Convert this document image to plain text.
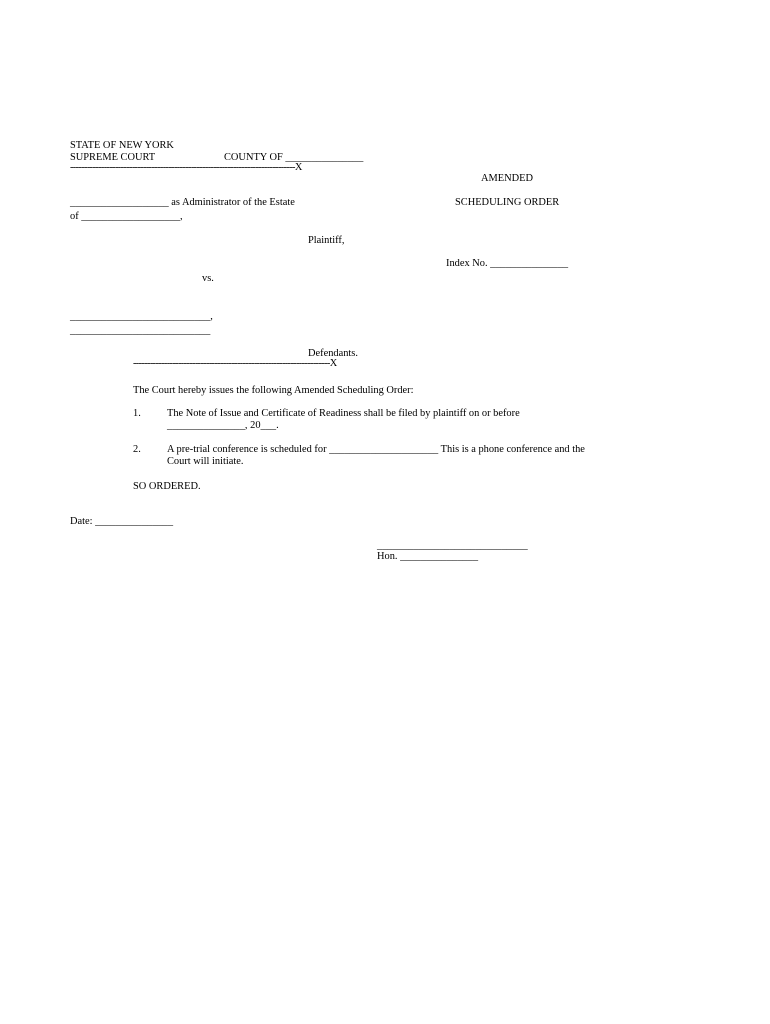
STATE OF NEW YORK
SUPREME COURT	COUNTY OF _______________
--------------------------------------------------------------------------------X
AMENDED
SCHEDULING ORDER
___________________ as Administrator of the Estate
of ___________________,
Plaintiff,
Index No. _______________
vs.
___________________________,
___________________________
Defendants.
----------------------------------------------------------------------X
The Court hereby issues the following Amended Scheduling Order:
1.	The Note of Issue and Certificate of Readiness shall be filed by plaintiff on or before
_______________, 20___.
2.	A pre-trial conference is scheduled for _____________________ This is a phone conference and the
Court will initiate.
SO ORDERED.
Date: _______________
_____________________________
Hon. _______________
